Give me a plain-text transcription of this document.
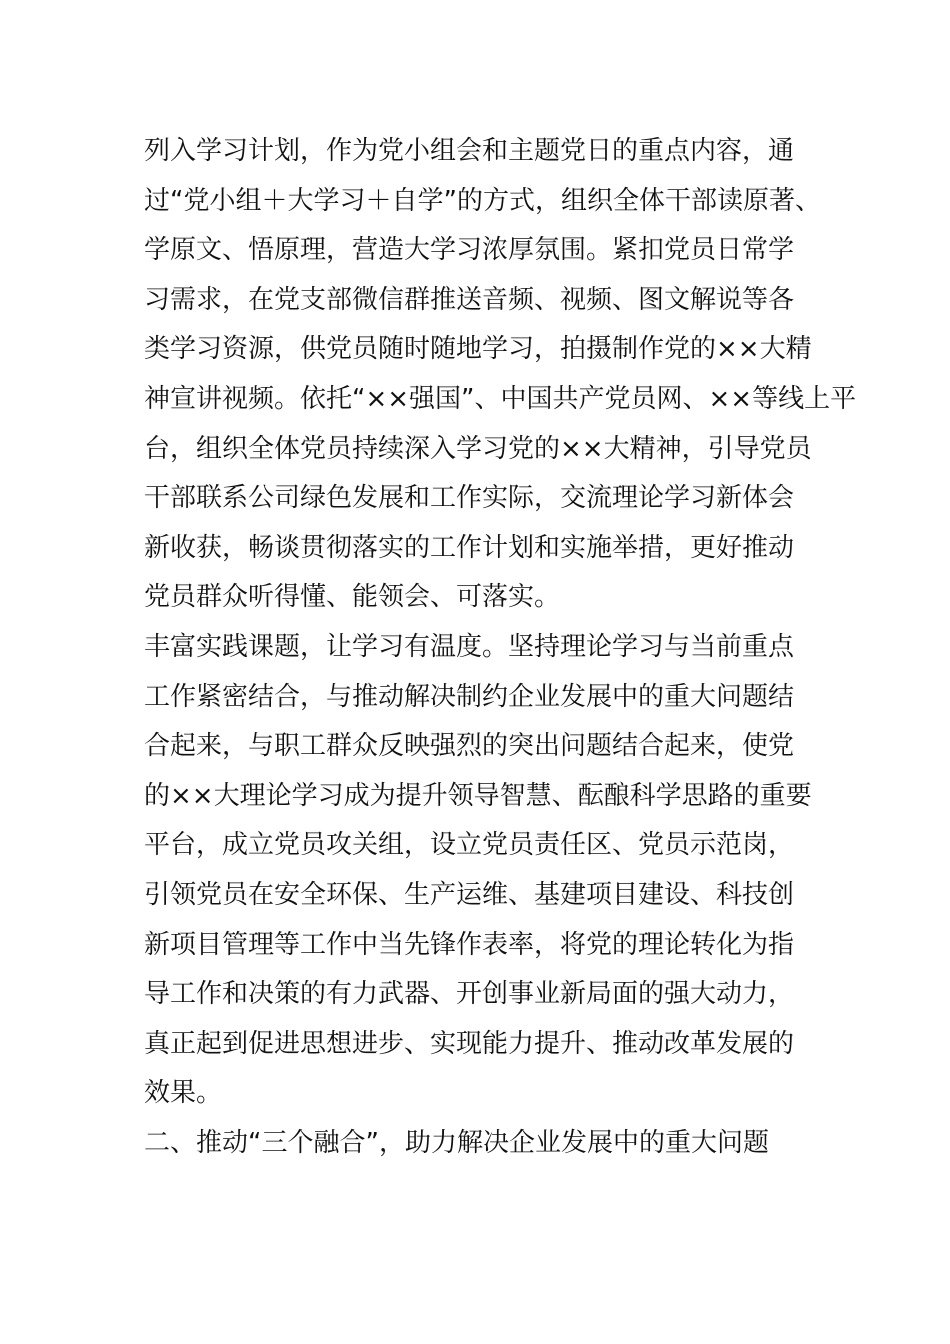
列入学习计划，作为党小组会和主题党日的重点内容，通
过“党小组＋大学习＋自学”的方式，组织全体干部读原著、
学原文、悟原理，营造大学习浓厚氛围。紧扣党员日常学
习需求，在党支部微信群推送音频、视频、图文解说等各
类学习资源，供党员随时随地学习，拍摄制作党的××大精
神宣讲视频。依托“××强国”、中国共产党员网、××等线上平
台，组织全体党员持续深入学习党的××大精神，引导党员
干部联系公司绿色发展和工作实际，交流理论学习新体会
新收获，畅谈贯彻落实的工作计划和实施举措，更好推动
党员群众听得懂、能领会、可落实。
丰富实践课题，让学习有温度。坚持理论学习与当前重点
工作紧密结合，与推动解决制约企业发展中的重大问题结
合起来，与职工群众反映强烈的突出问题结合起来，使党
的××大理论学习成为提升领导智慧、酝酿科学思路的重要
平台，成立党员攻关组，设立党员责任区、党员示范岗，
引领党员在安全环保、生产运维、基建项目建设、科技创
新项目管理等工作中当先锋作表率，将党的理论转化为指
导工作和决策的有力武器、开创事业新局面的强大动力，
真正起到促进思想进步、实现能力提升、推动改革发展的
效果。
二、推动“三个融合”，助力解决企业发展中的重大问题
